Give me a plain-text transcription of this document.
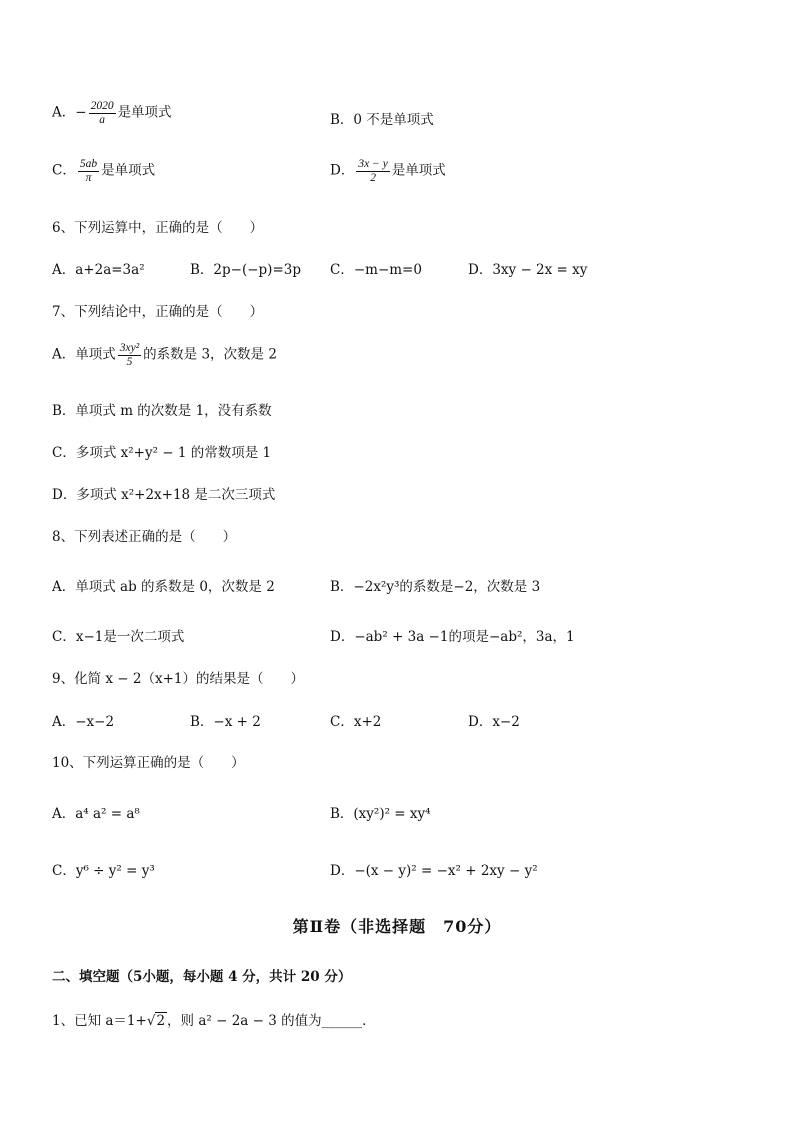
A．− $\frac{2020}{a}$ 是单项式	B．0 不是单项式
C． $\frac{5ab}{\pi}$ 是单项式	D． $\frac{3x - y}{2}$ 是单项式
6、下列运算中，正确的是（　　）
A．a+2a=3a²	B．2p−(−p)=3p C．−m−m=0	D．3xy − 2x = xy
7、下列结论中，正确的是（　　）
A．单项式 $\frac{\text{3xy²}}{5}$ 的系数是 3，次数是 2
B．单项式 m 的次数是 1，没有系数
C．多项式 x²+y² − 1 的常数项是 1
D．多项式 x²+2x+18 是二次三项式
8、下列表述正确的是（　　）
A．单项式 ab 的系数是 0，次数是 2	B．−2x²y³的系数是−2，次数是 3
C．x−1是一次二项式	D．−ab² + 3a −1的项是−ab²，3a，1
9、化简 x − 2（x+1）的结果是（　　）
A．−x−2	B．−x + 2	C．x+2	D．x−2
10、下列运算正确的是（　　）
A．a⁴ a² = a⁸	B．(xy²)² = xy⁴
C．y⁶ ÷ y² = y³	D．−(x − y)² = −x² + 2xy − y²
第Ⅱ卷（非选择题　70分）
二、填空题（5小题，每小题 4 分，共计 20 分）
1、已知 a＝1+√2 ，则 a² − 2a − 3 的值为______．
